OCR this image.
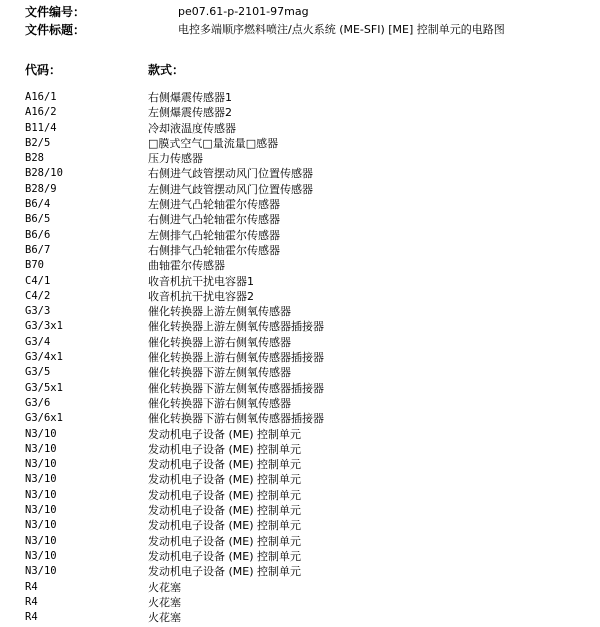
文件编号：	pe07.61-p-2101-97mag
文件标题：	电控多端顺序燃料喷注/点火系统 (ME-SFI) [ME] 控制单元的电路图
代码：	款式：
A16/1	右侧爆震传感器1
A16/2	左侧爆震传感器2
B11/4	冷却液温度传感器
B2/5	□膜式空气□量流量□感器
B28	压力传感器
B28/10	右侧进气歧管摆动风门位置传感器
B28/9	左侧进气歧管摆动风门位置传感器
B6/4	左侧进气凸轮轴霍尔传感器
B6/5	右侧进气凸轮轴霍尔传感器
B6/6	左侧排气凸轮轴霍尔传感器
B6/7	右侧排气凸轮轴霍尔传感器
B70	曲轴霍尔传感器
C4/1	收音机抗干扰电容器1
C4/2	收音机抗干扰电容器2
G3/3	催化转换器上游左侧氧传感器
G3/3x1	催化转换器上游左侧氧传感器插接器
G3/4	催化转换器上游右侧氧传感器
G3/4x1	催化转换器上游右侧氧传感器插接器
G3/5	催化转换器下游左侧氧传感器
G3/5x1	催化转换器下游左侧氧传感器插接器
G3/6	催化转换器下游右侧氧传感器
G3/6x1	催化转换器下游右侧氧传感器插接器
N3/10	发动机电子设备 (ME) 控制单元
N3/10	发动机电子设备 (ME) 控制单元
N3/10	发动机电子设备 (ME) 控制单元
N3/10	发动机电子设备 (ME) 控制单元
N3/10	发动机电子设备 (ME) 控制单元
N3/10	发动机电子设备 (ME) 控制单元
N3/10	发动机电子设备 (ME) 控制单元
N3/10	发动机电子设备 (ME) 控制单元
N3/10	发动机电子设备 (ME) 控制单元
N3/10	发动机电子设备 (ME) 控制单元
R4	火花塞
R4	火花塞
R4	火花塞
